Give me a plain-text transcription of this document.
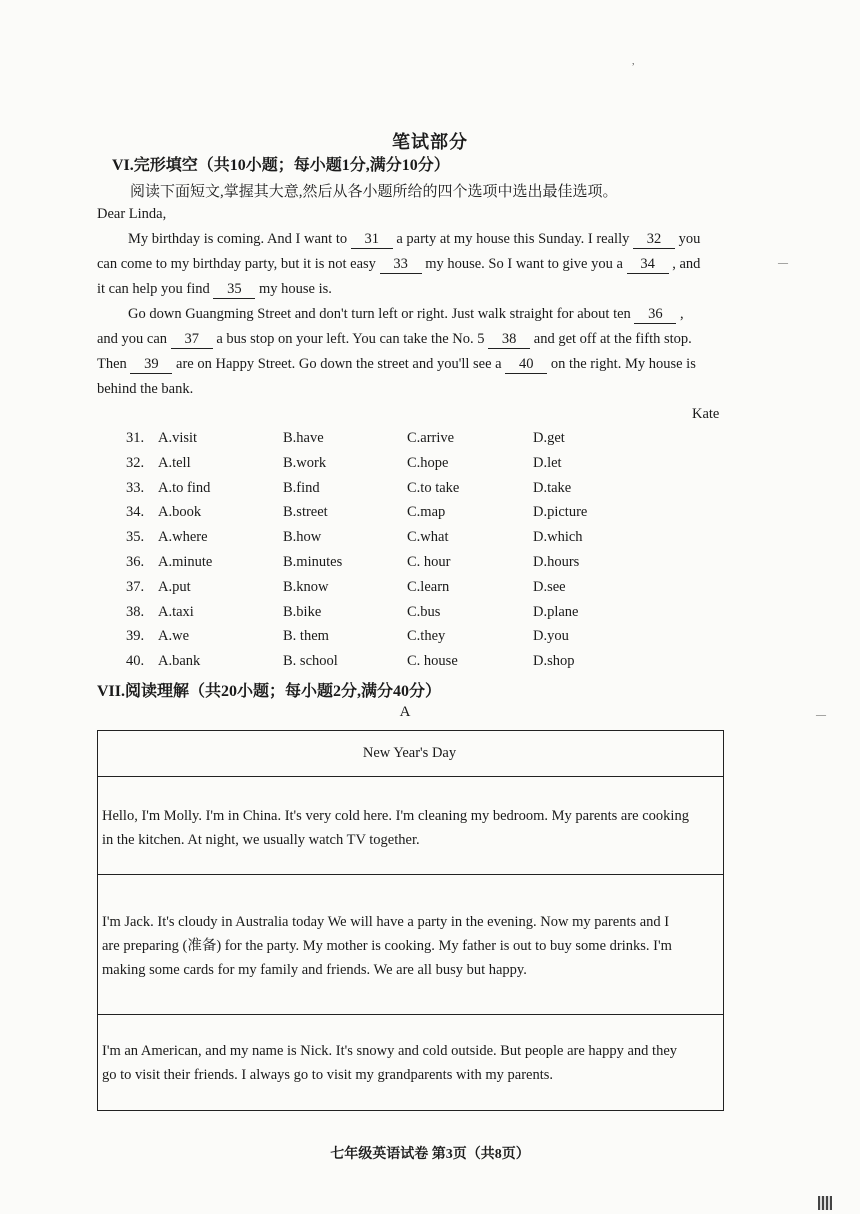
笔试部分
VI.完形填空（共10小题；每小题1分,满分10分）
阅读下面短文,掌握其大意,然后从各小题所给的四个选项中选出最佳选项。
Dear Linda,
My birthday is coming. And I want to 31 a party at my house this Sunday. I really 32 you
can come to my birthday party, but it is not easy 33 my house. So I want to give you a 34 , and
it can help you find 35 my house is.
Go down Guangming Street and don't turn left or right. Just walk straight for about ten 36 ,
and you can 37 a bus stop on your left. You can take the No. 5 38 and get off at the fifth stop.
Then 39 are on Happy Street. Go down the street and you'll see a 40 on the right. My house is
behind the bank.
Kate
31. A.visit	B.have	C.arrive	D.get
32. A.tell	B.work	C.hope	D.let
33. A.to find	B.find	C.to take	D.take
34. A.book	B.street	C.map	D.picture
35. A.where	B.how	C.what	D.which
36. A.minute	B.minutes	C. hour	D.hours
37. A.put	B.know	C.learn	D.see
38. A.taxi	B.bike	C.bus	D.plane
39. A.we	B. them	C.they	D.you
40. A.bank	B. school	C. house	D.shop
VII.阅读理解（共20小题；每小题2分,满分40分）
A
New Year's Day
Hello, I'm Molly. I'm in China. It's very cold here. I'm cleaning my bedroom. My parents are cooking
in the kitchen. At night, we usually watch TV together.
I'm Jack. It's cloudy in Australia today We will have a party in the evening. Now my parents and I
are preparing (准备) for the party. My mother is cooking. My father is out to buy some drinks. I'm
making some cards for my family and friends. We are all busy but happy.
I'm an American, and my name is Nick. It's snowy and cold outside. But people are happy and they
go to visit their friends. I always go to visit my grandparents with my parents.
七年级英语试卷 第3页（共8页）
,
—
—
